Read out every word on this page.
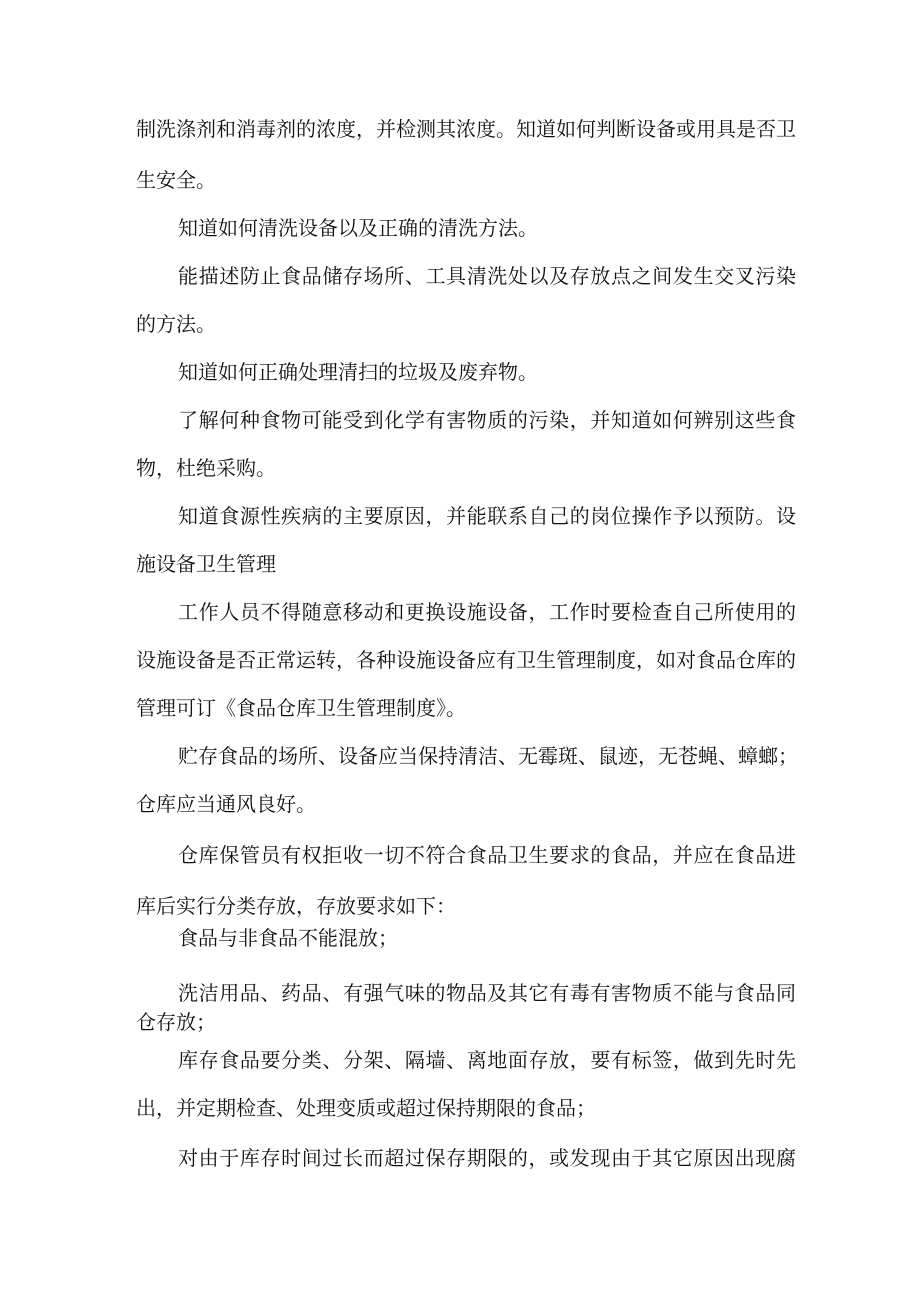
制洗涤剂和消毒剂的浓度，并检测其浓度。知道如何判断设备或用具是否卫
生安全。
知道如何清洗设备以及正确的清洗方法。
能描述防止食品储存场所、工具清洗处以及存放点之间发生交叉污染
的方法。
知道如何正确处理清扫的垃圾及废弃物。
了解何种食物可能受到化学有害物质的污染，并知道如何辨别这些食
物，杜绝采购。
知道食源性疾病的主要原因，并能联系自己的岗位操作予以预防。设
施设备卫生管理
工作人员不得随意移动和更换设施设备，工作时要检查自己所使用的
设施设备是否正常运转，各种设施设备应有卫生管理制度，如对食品仓库的
管理可订《食品仓库卫生管理制度》。
贮存食品的场所、设备应当保持清洁、无霉斑、鼠迹，无苍蝇、蟑螂；
仓库应当通风良好。
仓库保管员有权拒收一切不符合食品卫生要求的食品，并应在食品进
库后实行分类存放，存放要求如下：
食品与非食品不能混放；
洗洁用品、药品、有强气味的物品及其它有毒有害物质不能与食品同
仓存放；
库存食品要分类、分架、隔墙、离地面存放，要有标签，做到先时先
出，并定期检查、处理变质或超过保持期限的食品；
对由于库存时间过长而超过保存期限的，或发现由于其它原因出现腐
